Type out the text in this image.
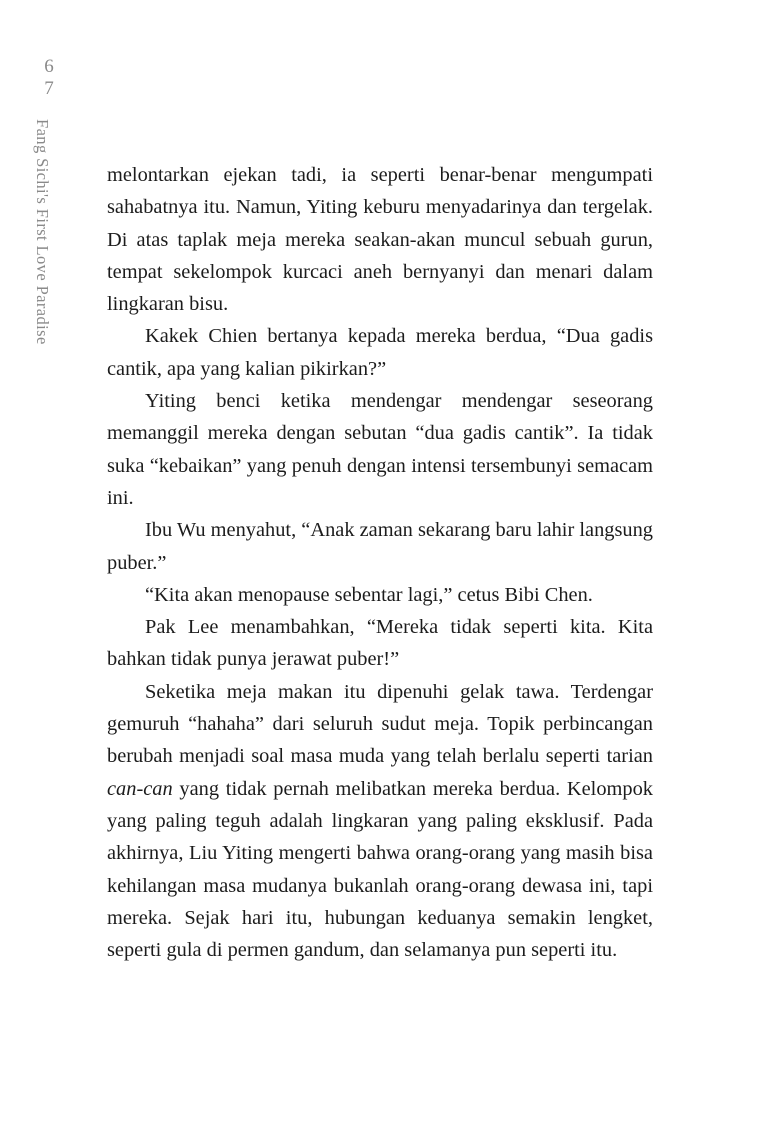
6
7
Fang Sichi's First Love Paradise	melontarkan ejekan tadi, ia seperti benar-benar mengumpati sahabatnya itu. Namun, Yiting keburu menyadarinya dan tergelak. Di atas taplak meja mereka seakan-akan muncul sebuah gurun, tempat sekelompok kurcaci aneh bernyanyi dan menari dalam lingkaran bisu.

Kakek Chien bertanya kepada mereka berdua, “Dua gadis cantik, apa yang kalian pikirkan?”

Yiting benci ketika mendengar mendengar seseorang memanggil mereka dengan sebutan “dua gadis cantik”. Ia tidak suka “kebaikan” yang penuh dengan intensi tersembunyi semacam ini.

Ibu Wu menyahut, “Anak zaman sekarang baru lahir langsung puber.”

“Kita akan menopause sebentar lagi,” cetus Bibi Chen.

Pak Lee menambahkan, “Mereka tidak seperti kita. Kita bahkan tidak punya jerawat puber!”

Seketika meja makan itu dipenuhi gelak tawa. Terdengar gemuruh “hahaha” dari seluruh sudut meja. Topik perbincangan berubah menjadi soal masa muda yang telah berlalu seperti tarian can-can yang tidak pernah melibatkan mereka berdua. Kelompok yang paling teguh adalah lingkaran yang paling eksklusif. Pada akhirnya, Liu Yiting mengerti bahwa orang-orang yang masih bisa kehilangan masa mudanya bukanlah orang-orang dewasa ini, tapi mereka. Sejak hari itu, hubungan keduanya semakin lengket, seperti gula di permen gandum, dan selamanya pun seperti itu.
